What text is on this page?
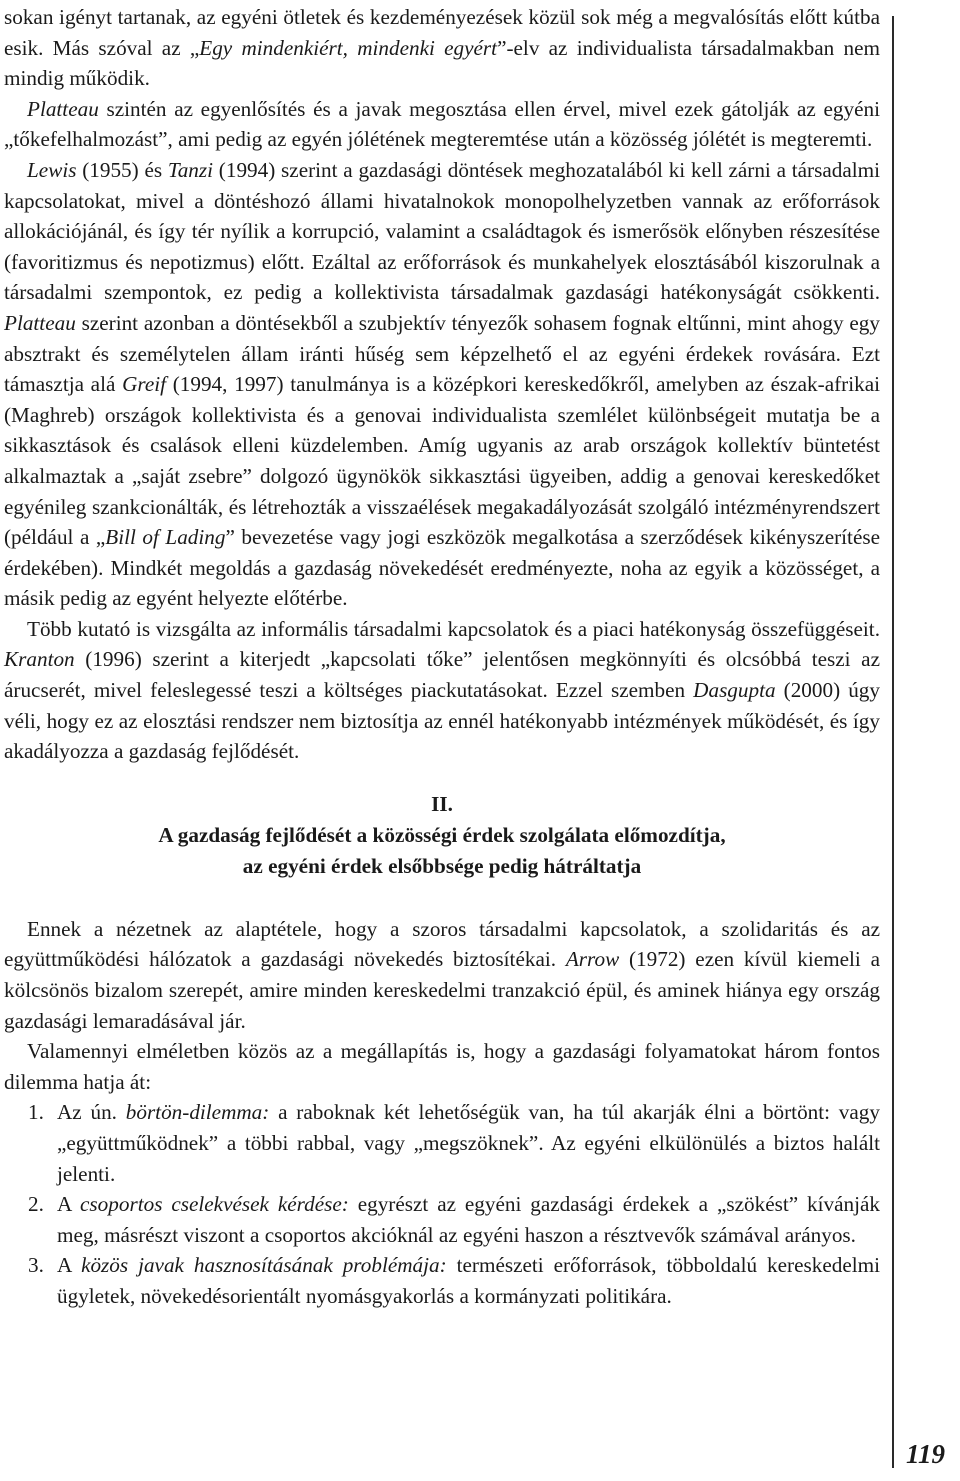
sokan igényt tartanak, az egyéni ötletek és kezdeményezések közül sok még a megvalósítás előtt kútba esik. Más szóval az „Egy mindenkiért, mindenki egyért”-elv az individualista társadalmakban nem mindig működik.

Platteau szintén az egyenlősítés és a javak megosztása ellen érvel, mivel ezek gátolják az egyéni „tőkefelhalmozást”, ami pedig az egyén jólétének megteremtése után a közösség jólétét is megteremti.

Lewis (1955) és Tanzi (1994) szerint a gazdasági döntések meghozatalából ki kell zárni a társadalmi kapcsolatokat, mivel a döntéshozó állami hivatalnokok monopolhelyzetben vannak az erőforrások allokációjánál, és így tér nyílik a korrupció, valamint a családtagok és ismerősök előnyben részesítése (favoritizmus és nepotizmus) előtt. Ezáltal az erőforrások és munkahelyek elosztásából kiszorulnak a társadalmi szempontok, ez pedig a kollektivista társadalmak gazdasági hatékonyságát csökkenti. Platteau szerint azonban a döntésekből a szubjektív tényezők sohasem fognak eltűnni, mint ahogy egy absztrakt és személytelen állam iránti hűség sem képzelhető el az egyéni érdekek rovására. Ezt támasztja alá Greif (1994, 1997) tanulmánya is a középkori kereskedőkről, amelyben az észak-afrikai (Maghreb) országok kollektivista és a genovai individualista szemlélet különbségeit mutatja be a sikkasztások és csalások elleni küzdelemben. Amíg ugyanis az arab országok kollektív büntetést alkalmaztak a „saját zsebre” dolgozó ügynökök sikkasztási ügyeiben, addig a genovai kereskedőket egyénileg szankcionálták, és létrehozták a visszaélések megakadályozását szolgáló intézményrendszert (például a „Bill of Lading” bevezetése vagy jogi eszközök megalkotása a szerződések kikényszerítése érdekében). Mindkét megoldás a gazdaság növekedését eredményezte, noha az egyik a közösséget, a másik pedig az egyént helyezte előtérbe.

Több kutató is vizsgálta az informális társadalmi kapcsolatok és a piaci hatékonyság összefüggéseit. Kranton (1996) szerint a kiterjedt „kapcsolati tőke” jelentősen megkönnyíti és olcsóbbá teszi az árucserét, mivel feleslegessé teszi a költséges piackutatásokat. Ezzel szemben Dasgupta (2000) úgy véli, hogy ez az elosztási rendszer nem biztosítja az ennél hatékonyabb intézmények működését, és így akadályozza a gazdaság fejlődését.

II.

A gazdaság fejlődését a közösségi érdek szolgálata előmozdítja,

az egyéni érdek elsőbbsége pedig hátráltatja

Ennek a nézetnek az alaptétele, hogy a szoros társadalmi kapcsolatok, a szolidaritás és az együttműködési hálózatok a gazdasági növekedés biztosítékai. Arrow (1972) ezen kívül kiemeli a kölcsönös bizalom szerepét, amire minden kereskedelmi tranzakció épül, és aminek hiánya egy ország gazdasági lemaradásával jár.

Valamennyi elméletben közös az a megállapítás is, hogy a gazdasági folyamatokat három fontos dilemma hatja át:

1. Az ún. börtön-dilemma: a raboknak két lehetőségük van, ha túl akarják élni a börtönt: vagy „együttműködnek” a többi rabbal, vagy „megszöknek”. Az egyéni elkülönülés a biztos halált jelenti.
2. A csoportos cselekvések kérdése: egyrészt az egyéni gazdasági érdekek a „szökést” kívánják meg, másrészt viszont a csoportos akcióknál az egyéni haszon a résztvevők számával arányos.
3. A közös javak hasznosításának problémája: természeti erőforrások, többoldalú kereskedelmi ügyletek, növekedésorientált nyomásgyakorlás a kormányzati politikára.
119
